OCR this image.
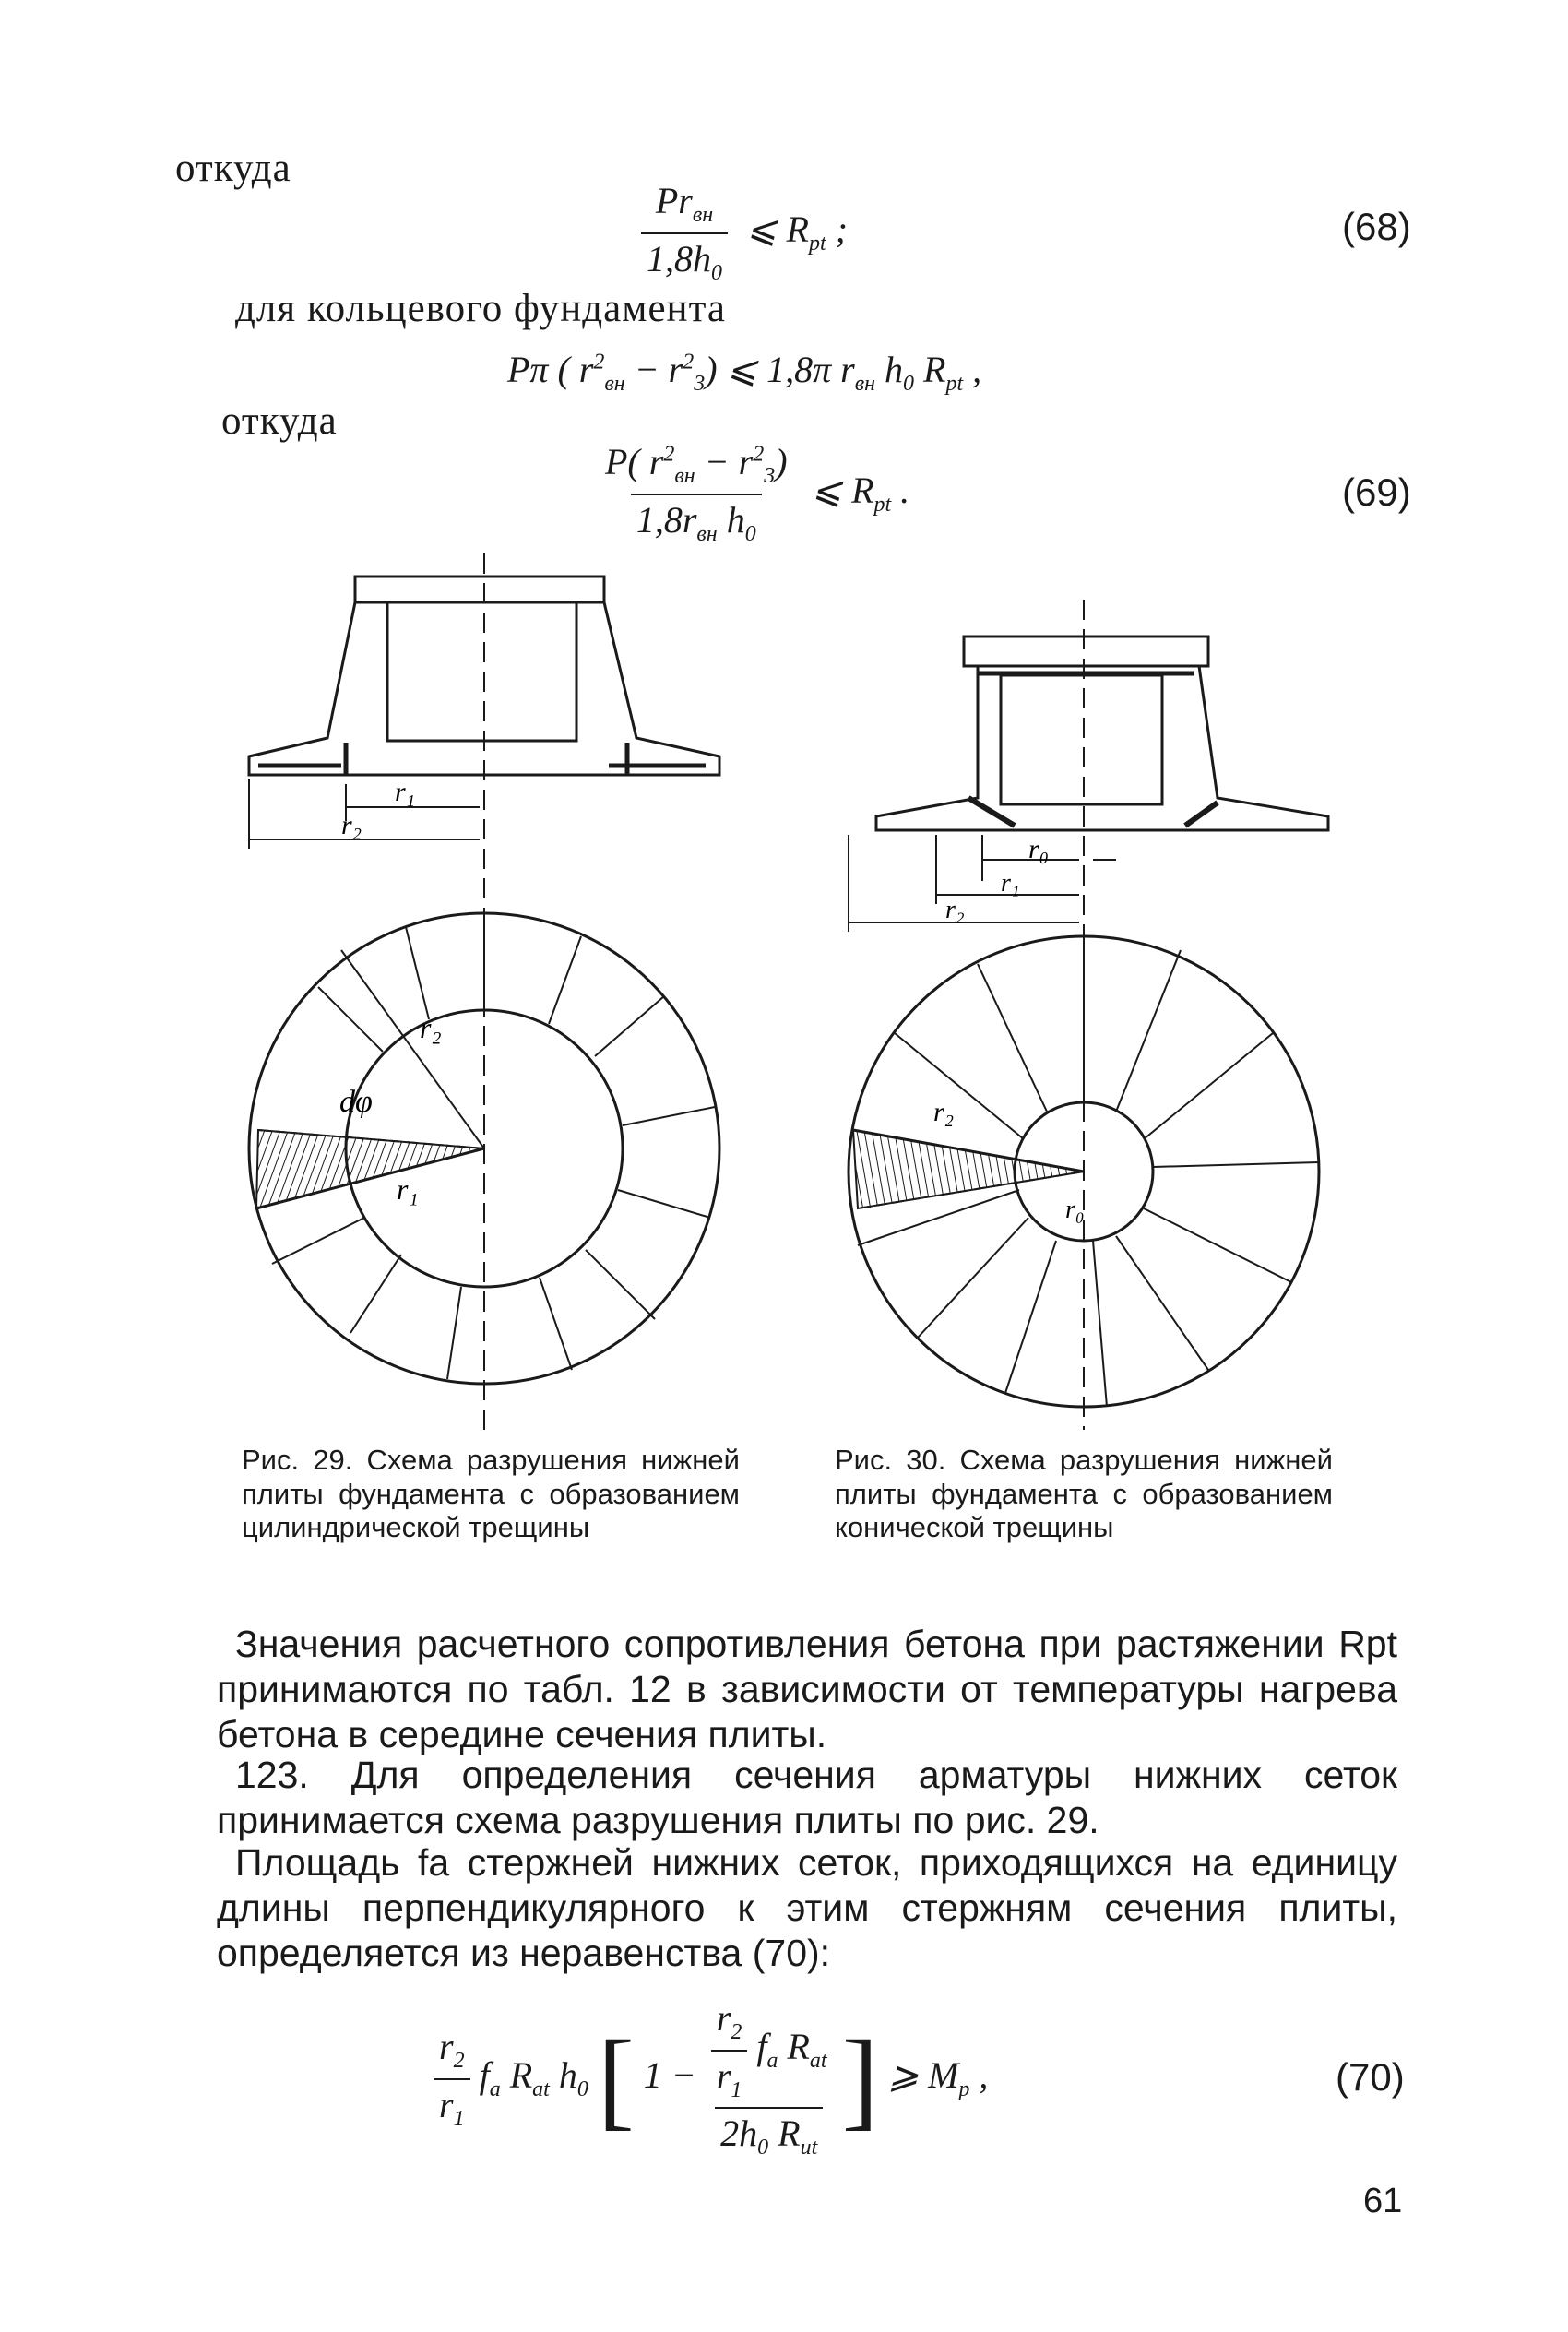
откуда
$\frac{Pr_{вн}}{1,8h_0}$ ⩽ $R_{pt}$ ;	(68)
для кольцевого фундамента
Pπ ( $r^2_{вн} - r^2_3$) ⩽ 1,8π $r_{вн}$ $h_0$ $R_{pt}$ ,
откуда
$\frac{P( r^2_{вн} - r^2_3)}{1,8r_{вн} h_0}$ ⩽ $R_{pt}$ .	(69)
r₁
r₂
r₂
dφ
r₁
Рис. 29. Схема разрушения нижней плиты фундамента с образованием цилиндрической трещины
r₀
r₁
r₂
r₂
r₀
Рис. 30. Схема разрушения нижней плиты фундамента с образованием конической трещины
Значения расчетного сопротивления бетона при растяжении Rpt принимаются по табл. 12 в зависимости от температуры нагрева бетона в середине сечения плиты.
123. Для определения сечения арматуры нижних сеток принимается схема разрушения плиты по рис. 29.
Площадь fа стержней нижних сеток, приходящихся на единицу длины перпендикулярного к этим стержням сечения плиты, определяется из неравенства (70):
$\frac{r_2}{r_1} f_a$ $R_{at}$ $h_0$ [ $1 - \frac{\frac{r_2}{r_1} f_a R_{at}}{2h_0 R_{иt}}$ ] ⩾ $M_p$ ,	(70)
61
